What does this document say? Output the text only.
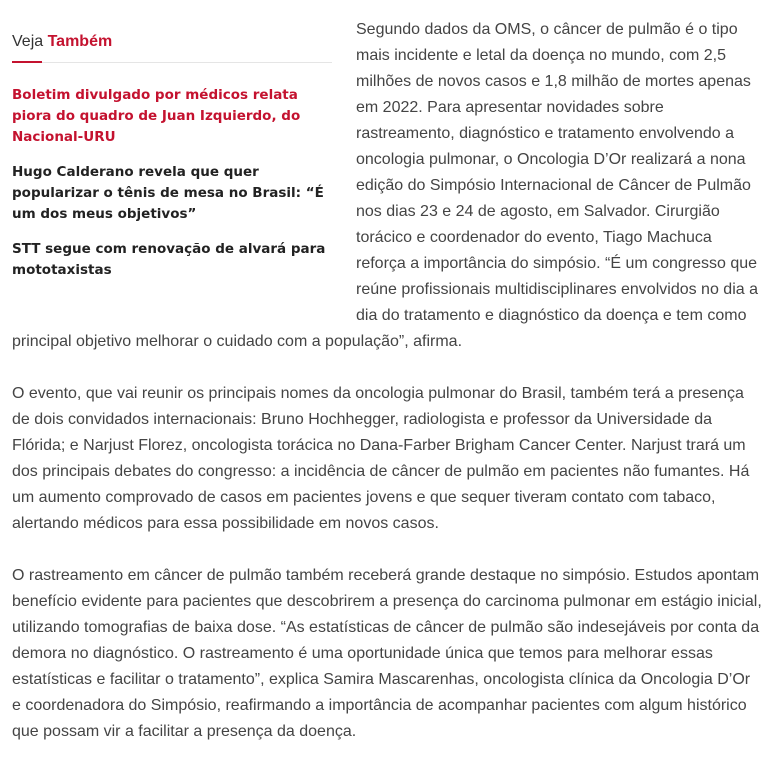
Veja Também
Boletim divulgado por médicos relata piora do quadro de Juan Izquierdo, do Nacional-URU
Hugo Calderano revela que quer popularizar o tênis de mesa no Brasil: “É um dos meus objetivos”
STT segue com renovação de alvará para mototaxistas

Segundo dados da OMS, o câncer de pulmão é o tipo mais incidente e letal da doença no mundo, com 2,5 milhões de novos casos e 1,8 milhão de mortes apenas em 2022. Para apresentar novidades sobre rastreamento, diagnóstico e tratamento envolvendo a oncologia pulmonar, o Oncologia D’Or realizará a nona edição do Simpósio Internacional de Câncer de Pulmão nos dias 23 e 24 de agosto, em Salvador. Cirurgião torácico e coordenador do evento, Tiago Machuca reforça a importância do simpósio. “É um congresso que reúne profissionais multidisciplinares envolvidos no dia a dia do tratamento e diagnóstico da doença e tem como principal objetivo melhorar o cuidado com a população”, afirma.

O evento, que vai reunir os principais nomes da oncologia pulmonar do Brasil, também terá a presença de dois convidados internacionais: Bruno Hochhegger, radiologista e professor da Universidade da Flórida; e Narjust Florez, oncologista torácica no Dana-Farber Brigham Cancer Center. Narjust trará um dos principais debates do congresso: a incidência de câncer de pulmão em pacientes não fumantes. Há um aumento comprovado de casos em pacientes jovens e que sequer tiveram contato com tabaco, alertando médicos para essa possibilidade em novos casos.

O rastreamento em câncer de pulmão também receberá grande destaque no simpósio. Estudos apontam benefício evidente para pacientes que descobrirem a presença do carcinoma pulmonar em estágio inicial, utilizando tomografias de baixa dose. “As estatísticas de câncer de pulmão são indesejáveis por conta da demora no diagnóstico. O rastreamento é uma oportunidade única que temos para melhorar essas estatísticas e facilitar o tratamento”, explica Samira Mascarenhas, oncologista clínica da Oncologia D’Or e coordenadora do Simpósio, reafirmando a importância de acompanhar pacientes com algum histórico que possam vir a facilitar a presença da doença.
